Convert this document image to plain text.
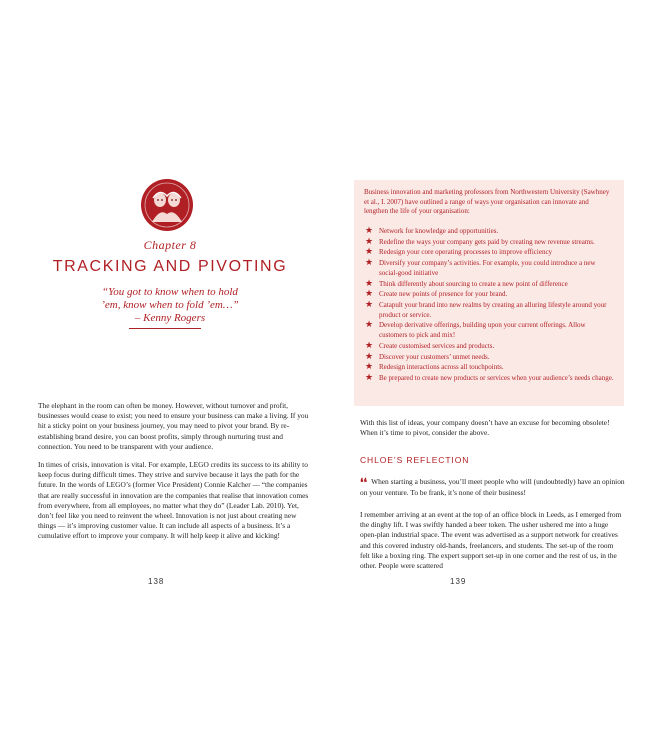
Chapter 8
TRACKING AND PIVOTING
“You got to know when to hold
’em, know when to fold ’em…”
– Kenny Rogers

The elephant in the room can often be money. However, without turnover and profit, businesses would cease to exist; you need to ensure your business can make a living. If you hit a sticky point on your business journey, you may need to pivot your brand. By re-establishing brand desire, you can boost profits, simply through nurturing trust and connection. You need to be transparent with your audience.

In times of crisis, innovation is vital. For example, LEGO credits its success to its ability to keep focus during difficult times. They strive and survive because it lays the path for the future. In the words of LEGO’s (former Vice President) Connie Kalcher — “the companies that are really successful in innovation are the companies that realise that innovation comes from everywhere, from all employees, no matter what they do” (Leader Lab. 2010). Yet, don’t feel like you need to reinvent the wheel. Innovation is not just about creating new things — it’s improving customer value. It can include all aspects of a business. It’s a cumulative effort to improve your company. It will help keep it alive and kicking!

138

Business innovation and marketing professors from Northwestern University (Sawhney et al., I. 2007) have outlined a range of ways your organisation can innovate and lengthen the life of your organisation:

★ Network for knowledge and opportunities.
★ Redefine the ways your company gets paid by creating new revenue streams.
★ Redesign your core operating processes to improve efficiency
★ Diversify your company’s activities. For example, you could introduce a new social-good initiative
★ Think differently about sourcing to create a new point of difference
★ Create new points of presence for your brand.
★ Catapult your brand into new realms by creating an alluring lifestyle around your product or service.
★ Develop derivative offerings, building upon your current offerings. Allow customers to pick and mix!
★ Create customised services and products.
★ Discover your customers’ unmet needs.
★ Redesign interactions across all touchpoints.
★ Be prepared to create new products or services when your audience’s needs change.

With this list of ideas, your company doesn’t have an excuse for becoming obsolete! When it’s time to pivot, consider the above.

CHLOE’S REFLECTION

❛❛ When starting a business, you’ll meet people who will (undoubtedly) have an opinion on your venture. To be frank, it’s none of their business!

I remember arriving at an event at the top of an office block in Leeds, as I emerged from the dinghy lift. I was swiftly handed a beer token. The usher ushered me into a huge open-plan industrial space. The event was advertised as a support network for creatives and this covered industry old-hands, freelancers, and students. The set-up of the room felt like a boxing ring. The expert support set-up in one corner and the rest of us, in the other. People were scattered

139
